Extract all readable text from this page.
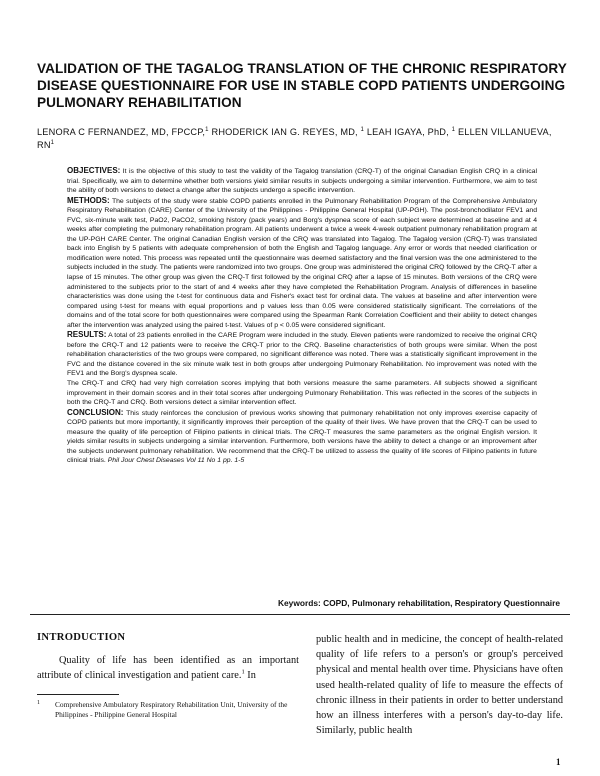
VALIDATION OF THE TAGALOG TRANSLATION OF THE CHRONIC RESPIRATORY DISEASE QUESTIONNAIRE FOR USE IN STABLE COPD PATIENTS UNDERGOING PULMONARY REHABILITATION
LENORA C FERNANDEZ, MD, FPCCP,$^1$ RHODERICK IAN G. REYES, MD, $^1$ LEAH IGAYA, PhD, $^1$ ELLEN VILLANUEVA, $RN^1$

OBJECTIVES: It is the objective of this study to test the validity of the Tagalog translation (CRQ-T) of the original Canadian English CRQ in a clinical trial. Specifically, we aim to determine whether both versions yield similar results in subjects undergoing a similar intervention. Furthermore, we aim to test the ability of both versions to detect a change after the subjects undergo a specific intervention.

METHODS: The subjects of the study were stable COPD patients enrolled in the Pulmonary Rehabilitation Program of the Comprehensive Ambulatory Respiratory Rehabilitation (CARE) Center of the University of the Philippines - Philippine General Hospital (UP-PGH). The post-bronchodilator FEV1 and FVC, six-minute walk test, PaO2, PaCO2, smoking history (pack years) and Borg's dyspnea score of each subject were determined at baseline and at 4 weeks after completing the pulmonary rehabilitation program. All patients underwent a twice a week 4-week outpatient pulmonary rehabilitation program at the UP-PGH CARE Center. The original Canadian English version of the CRQ was translated into Tagalog. The Tagalog version (CRQ-T) was translated back into English by 5 patients with adequate comprehension of both the English and Tagalog language. Any error or words that needed clarification or modification were noted. This process was repeated until the questionnaire was deemed satisfactory and the final version was the one administered to the subjects included in the study. The patients were randomized into two groups. One group was administered the original CRQ followed by the CRQ-T after a lapse of 15 minutes. The other group was given the CRQ-T first followed by the original CRQ after a lapse of 15 minutes. Both versions of the CRQ were administered to the subjects prior to the start of and 4 weeks after they have completed the Rehabilitation Program. Analysis of differences in baseline characteristics was done using the t-test for continuous data and Fisher's exact test for ordinal data. The values at baseline and after intervention were compared using t-test for means with equal proportions and p values less than 0.05 were considered statistically significant. The correlations of the domains and of the total score for both questionnaires were compared using the Spearman Rank Correlation Coefficient and their ability to detect changes after the intervention was analyzed using the paired t-test. Values of p < 0.05 were considered significant.

RESULTS: A total of 23 patients enrolled in the CARE Program were included in the study. Eleven patients were randomized to receive the original CRQ before the CRQ-T and 12 patients were to receive the CRQ-T prior to the CRQ. Baseline characteristics of both groups were similar. When the post rehabilitation characteristics of the two groups were compared, no significant difference was noted. There was a statistically significant improvement in the FVC and the distance covered in the six minute walk test in both groups after undergoing Pulmonary Rehabilitation. No improvement was noted with the FEV1 and the Borg's dyspnea scale.

The CRQ-T and CRQ had very high correlation scores implying that both versions measure the same parameters. All subjects showed a significant improvement in their domain scores and in their total scores after undergoing Pulmonary Rehabilitation. This was reflected in the scores of the subjects in both the CRQ-T and CRQ. Both versions detect a similar intervention effect.

CONCLUSION: This study reinforces the conclusion of previous works showing that pulmonary rehabilitation not only improves exercise capacity of COPD patients but more importantly, it significantly improves their perception of the quality of their lives. We have proven that the CRQ-T can be used to measure the quality of life perception of Filipino patients in clinical trials. The CRQ-T measures the same parameters as the original English version. It yields similar results in subjects undergoing a similar intervention. Furthermore, both versions have the ability to detect a change or an improvement after the subjects underwent pulmonary rehabilitation. We recommend that the CRQ-T be utilized to assess the quality of life scores of Filipino patients in future clinical trials. Phil Jour Chest Diseases Vol 11 No 1 pp. 1-5

Keywords: COPD, Pulmonary rehabilitation, Respiratory Questionnaire
INTRODUCTION

Quality of life has been identified as an important attribute of clinical investigation and patient care.$^1$ In

1	Comprehensive Ambulatory Respiratory Rehabilitation Unit, University of the Philippines - Philippine General Hospital

public health and in medicine, the concept of health-related quality of life refers to a person's or group's perceived physical and mental health over time. Physicians have often used health-related quality of life to measure the effects of chronic illness in their patients in order to better understand how an illness interferes with a person's day-to-day life. Similarly, public health

1
